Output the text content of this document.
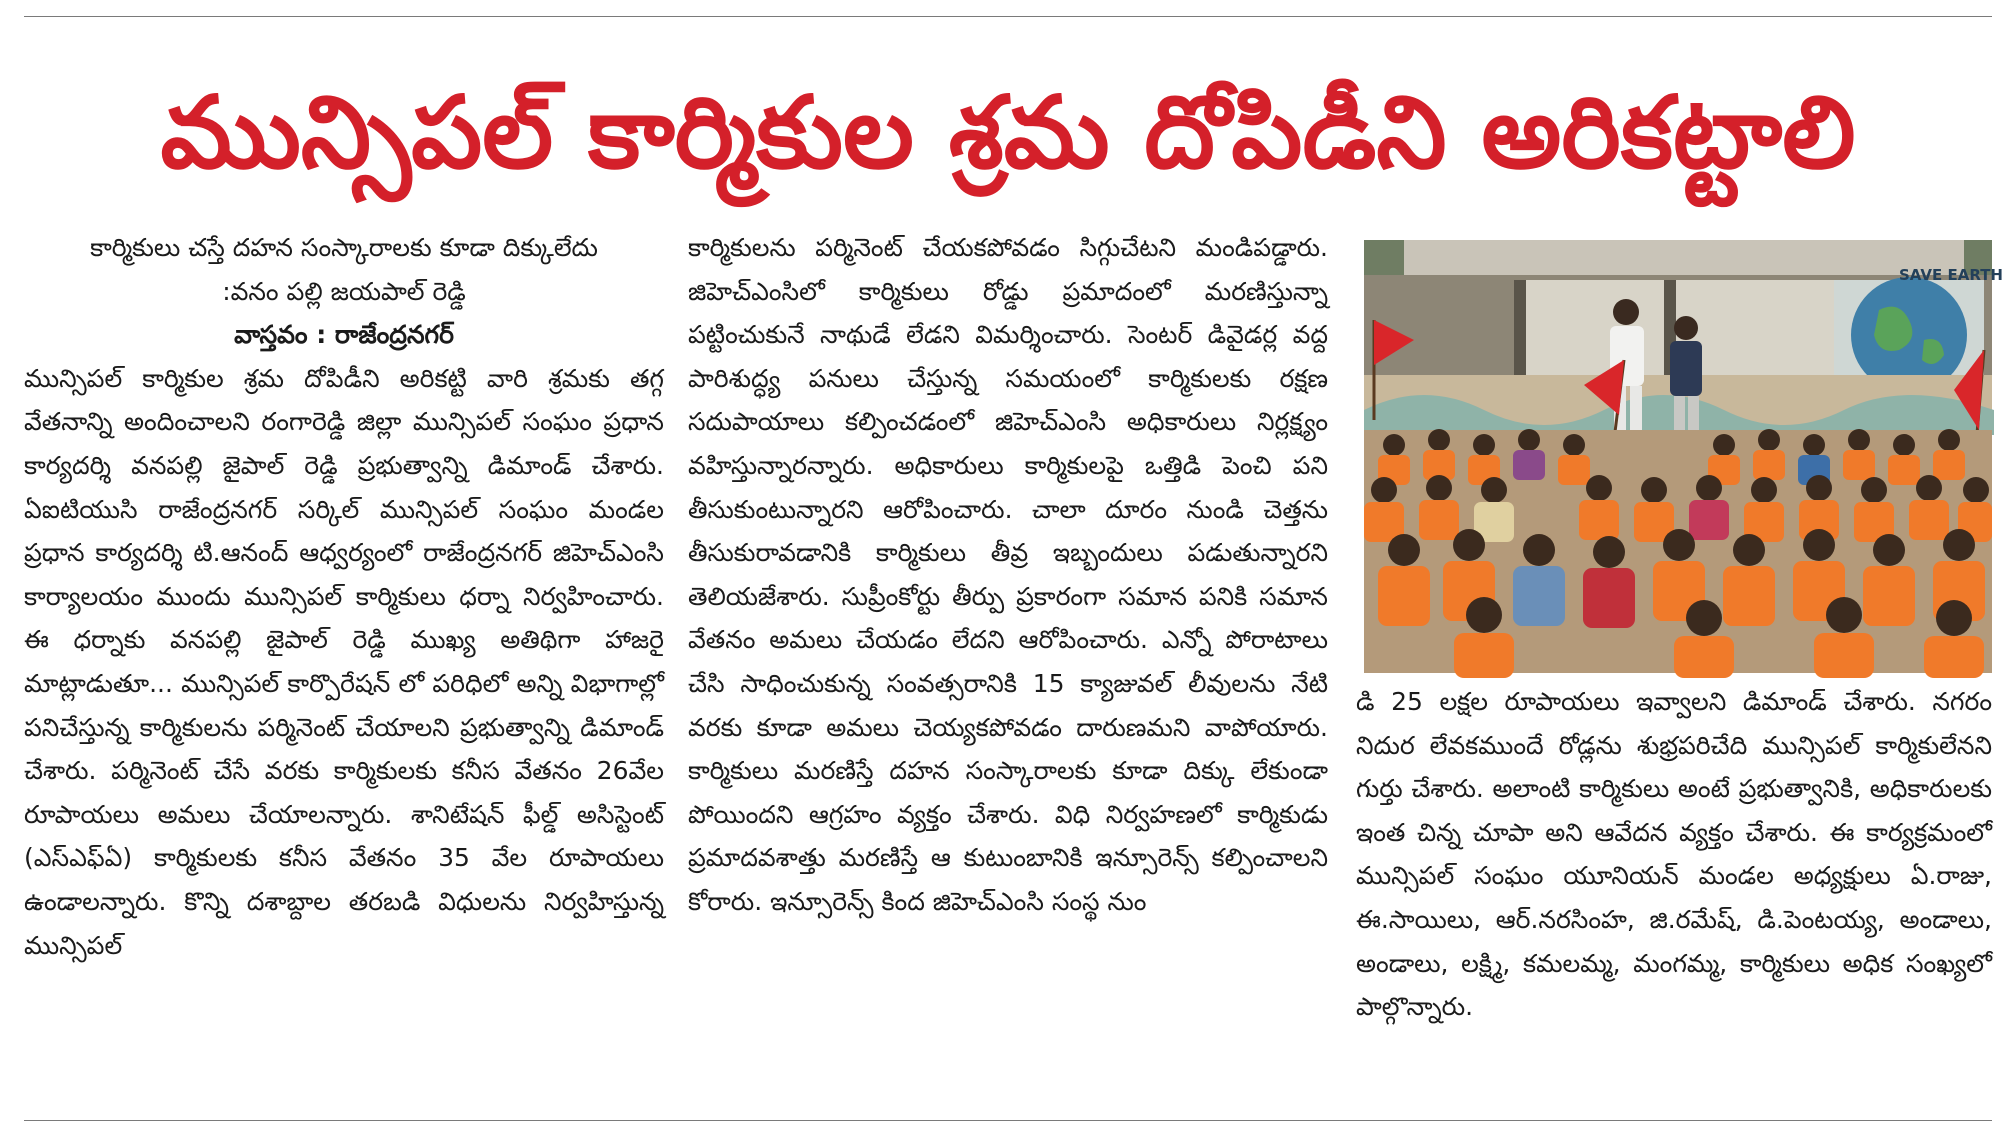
మున్సిపల్ కార్మికుల శ్రమ దోపిడీని అరికట్టాలి
కార్మికులు చస్తే దహన సంస్కారాలకు కూడా దిక్కులేదు
:వనం పల్లి జయపాల్ రెడ్డి
వాస్తవం : రాజేంద్రనగర్

మున్సిపల్ కార్మికుల శ్రమ దోపిడీని అరికట్టి వారి శ్రమకు తగ్గ వేతనాన్ని అందించాలని రంగారెడ్డి జిల్లా మున్సిపల్ సంఘం ప్రధాన కార్యదర్శి వనపల్లి జైపాల్ రెడ్డి ప్రభుత్వాన్ని డిమాండ్ చేశారు. ఏఐటియుసి రాజేంద్రనగర్ సర్కిల్ మున్సిపల్ సంఘం మండల ప్రధాన కార్యదర్శి టి.ఆనంద్ ఆధ్వర్యంలో రాజేంద్రనగర్ జిహెచ్ఎంసి కార్యాలయం ముందు మున్సిపల్ కార్మికులు ధర్నా నిర్వహించారు. ఈ ధర్నాకు వనపల్లి జైపాల్ రెడ్డి ముఖ్య అతిథిగా హాజరై మాట్లాడుతూ... మున్సిపల్ కార్పొరేషన్ లో పరిధిలో అన్ని విభాగాల్లో పనిచేస్తున్న కార్మికులను పర్మినెంట్ చేయాలని ప్రభుత్వాన్ని డిమాండ్ చేశారు. పర్మినెంట్ చేసే వరకు కార్మికులకు కనీస వేతనం 26వేల రూపాయలు అమలు చేయాలన్నారు. శానిటేషన్ ఫీల్డ్ అసిస్టెంట్ (ఎస్ఎఫ్ఏ) కార్మికులకు కనీస వేతనం 35 వేల రూపాయలు ఉండాలన్నారు. కొన్ని దశాబ్దాల తరబడి విధులను నిర్వహిస్తున్న మున్సిపల్

కార్మికులను పర్మినెంట్ చేయకపోవడం సిగ్గుచేటని మండిపడ్డారు. జిహెచ్ఎంసిలో కార్మికులు రోడ్డు ప్రమాదంలో మరణిస్తున్నా పట్టించుకునే నాథుడే లేడని విమర్శించారు. సెంటర్ డివైడర్ల వద్ద పారిశుద్ధ్య పనులు చేస్తున్న సమయంలో కార్మికులకు రక్షణ సదుపాయాలు కల్పించడంలో జిహెచ్ఎంసి అధికారులు నిర్లక్ష్యం వహిస్తున్నారన్నారు. అధికారులు కార్మికులపై ఒత్తిడి పెంచి పని తీసుకుంటున్నారని ఆరోపించారు. చాలా దూరం నుండి చెత్తను తీసుకురావడానికి కార్మికులు తీవ్ర ఇబ్బందులు పడుతున్నారని తెలియజేశారు. సుప్రీంకోర్టు తీర్పు ప్రకారంగా సమాన పనికి సమాన వేతనం అమలు చేయడం లేదని ఆరోపించారు. ఎన్నో పోరాటాలు చేసి సాధించుకున్న సంవత్సరానికి 15 క్యాజువల్ లీవులను నేటి వరకు కూడా అమలు చెయ్యకపోవడం దారుణమని వాపోయారు. కార్మికులు మరణిస్తే దహన సంస్కారాలకు కూడా దిక్కు లేకుండా పోయిందని ఆగ్రహం వ్యక్తం చేశారు. విధి నిర్వహణలో కార్మికుడు ప్రమాదవశాత్తు మరణిస్తే ఆ కుటుంబానికి ఇన్సూరెన్స్ కల్పించాలని కోరారు. ఇన్సూరెన్స్ కింద జిహెచ్ఎంసి సంస్థ నుం

SAVE EARTH

డి 25 లక్షల రూపాయలు ఇవ్వాలని డిమాండ్ చేశారు. నగరం నిదుర లేవకముందే రోడ్లను శుభ్రపరిచేది మున్సిపల్ కార్మికులేనని గుర్తు చేశారు. అలాంటి కార్మికులు అంటే ప్రభుత్వానికి, అధికారులకు ఇంత చిన్న చూపా అని ఆవేదన వ్యక్తం చేశారు. ఈ కార్యక్రమంలో మున్సిపల్ సంఘం యూనియన్ మండల అధ్యక్షులు ఏ.రాజు, ఈ.సాయిలు, ఆర్.నరసింహ, జి.రమేష్, డి.పెంటయ్య, అండాలు, అండాలు, లక్ష్మి, కమలమ్మ, మంగమ్మ, కార్మికులు అధిక సంఖ్యలో పాల్గొన్నారు.
